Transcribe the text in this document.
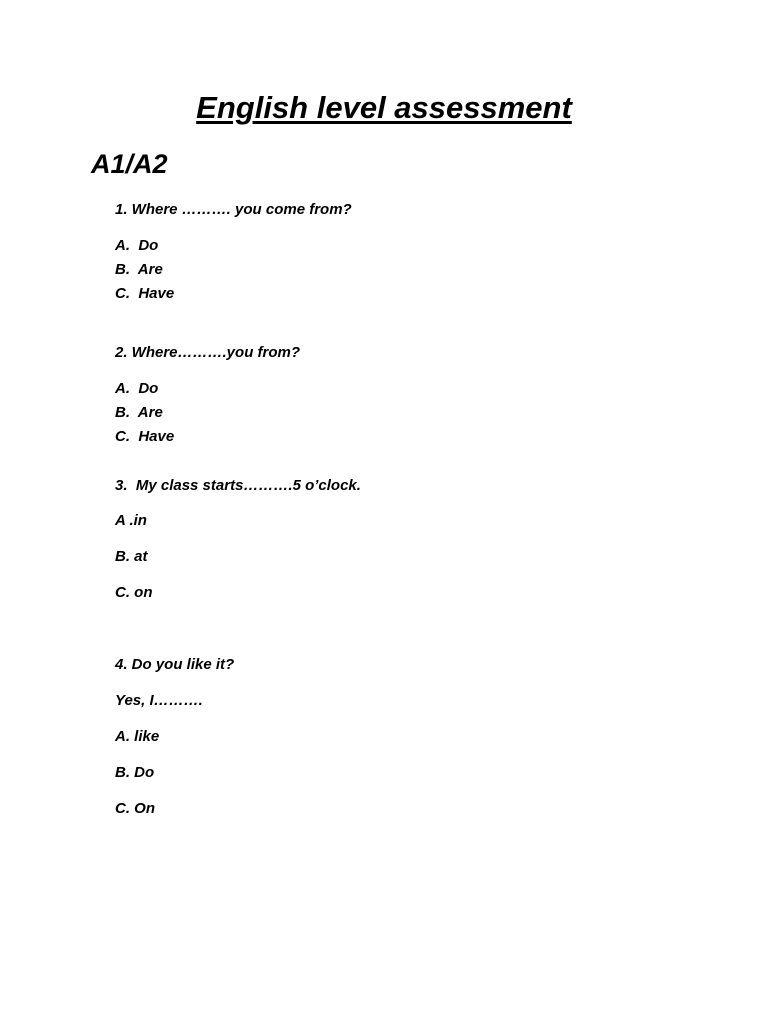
English level assessment
A1/A2
1. Where ………. you come from?
A.  Do
B.  Are
C.  Have
2. Where……….you from?
A.  Do
B.  Are
C.  Have
3.  My class starts……….5 o’clock.
A .in
B. at
C. on
4. Do you like it?
Yes, I……….
A. like
B. Do
C. On
